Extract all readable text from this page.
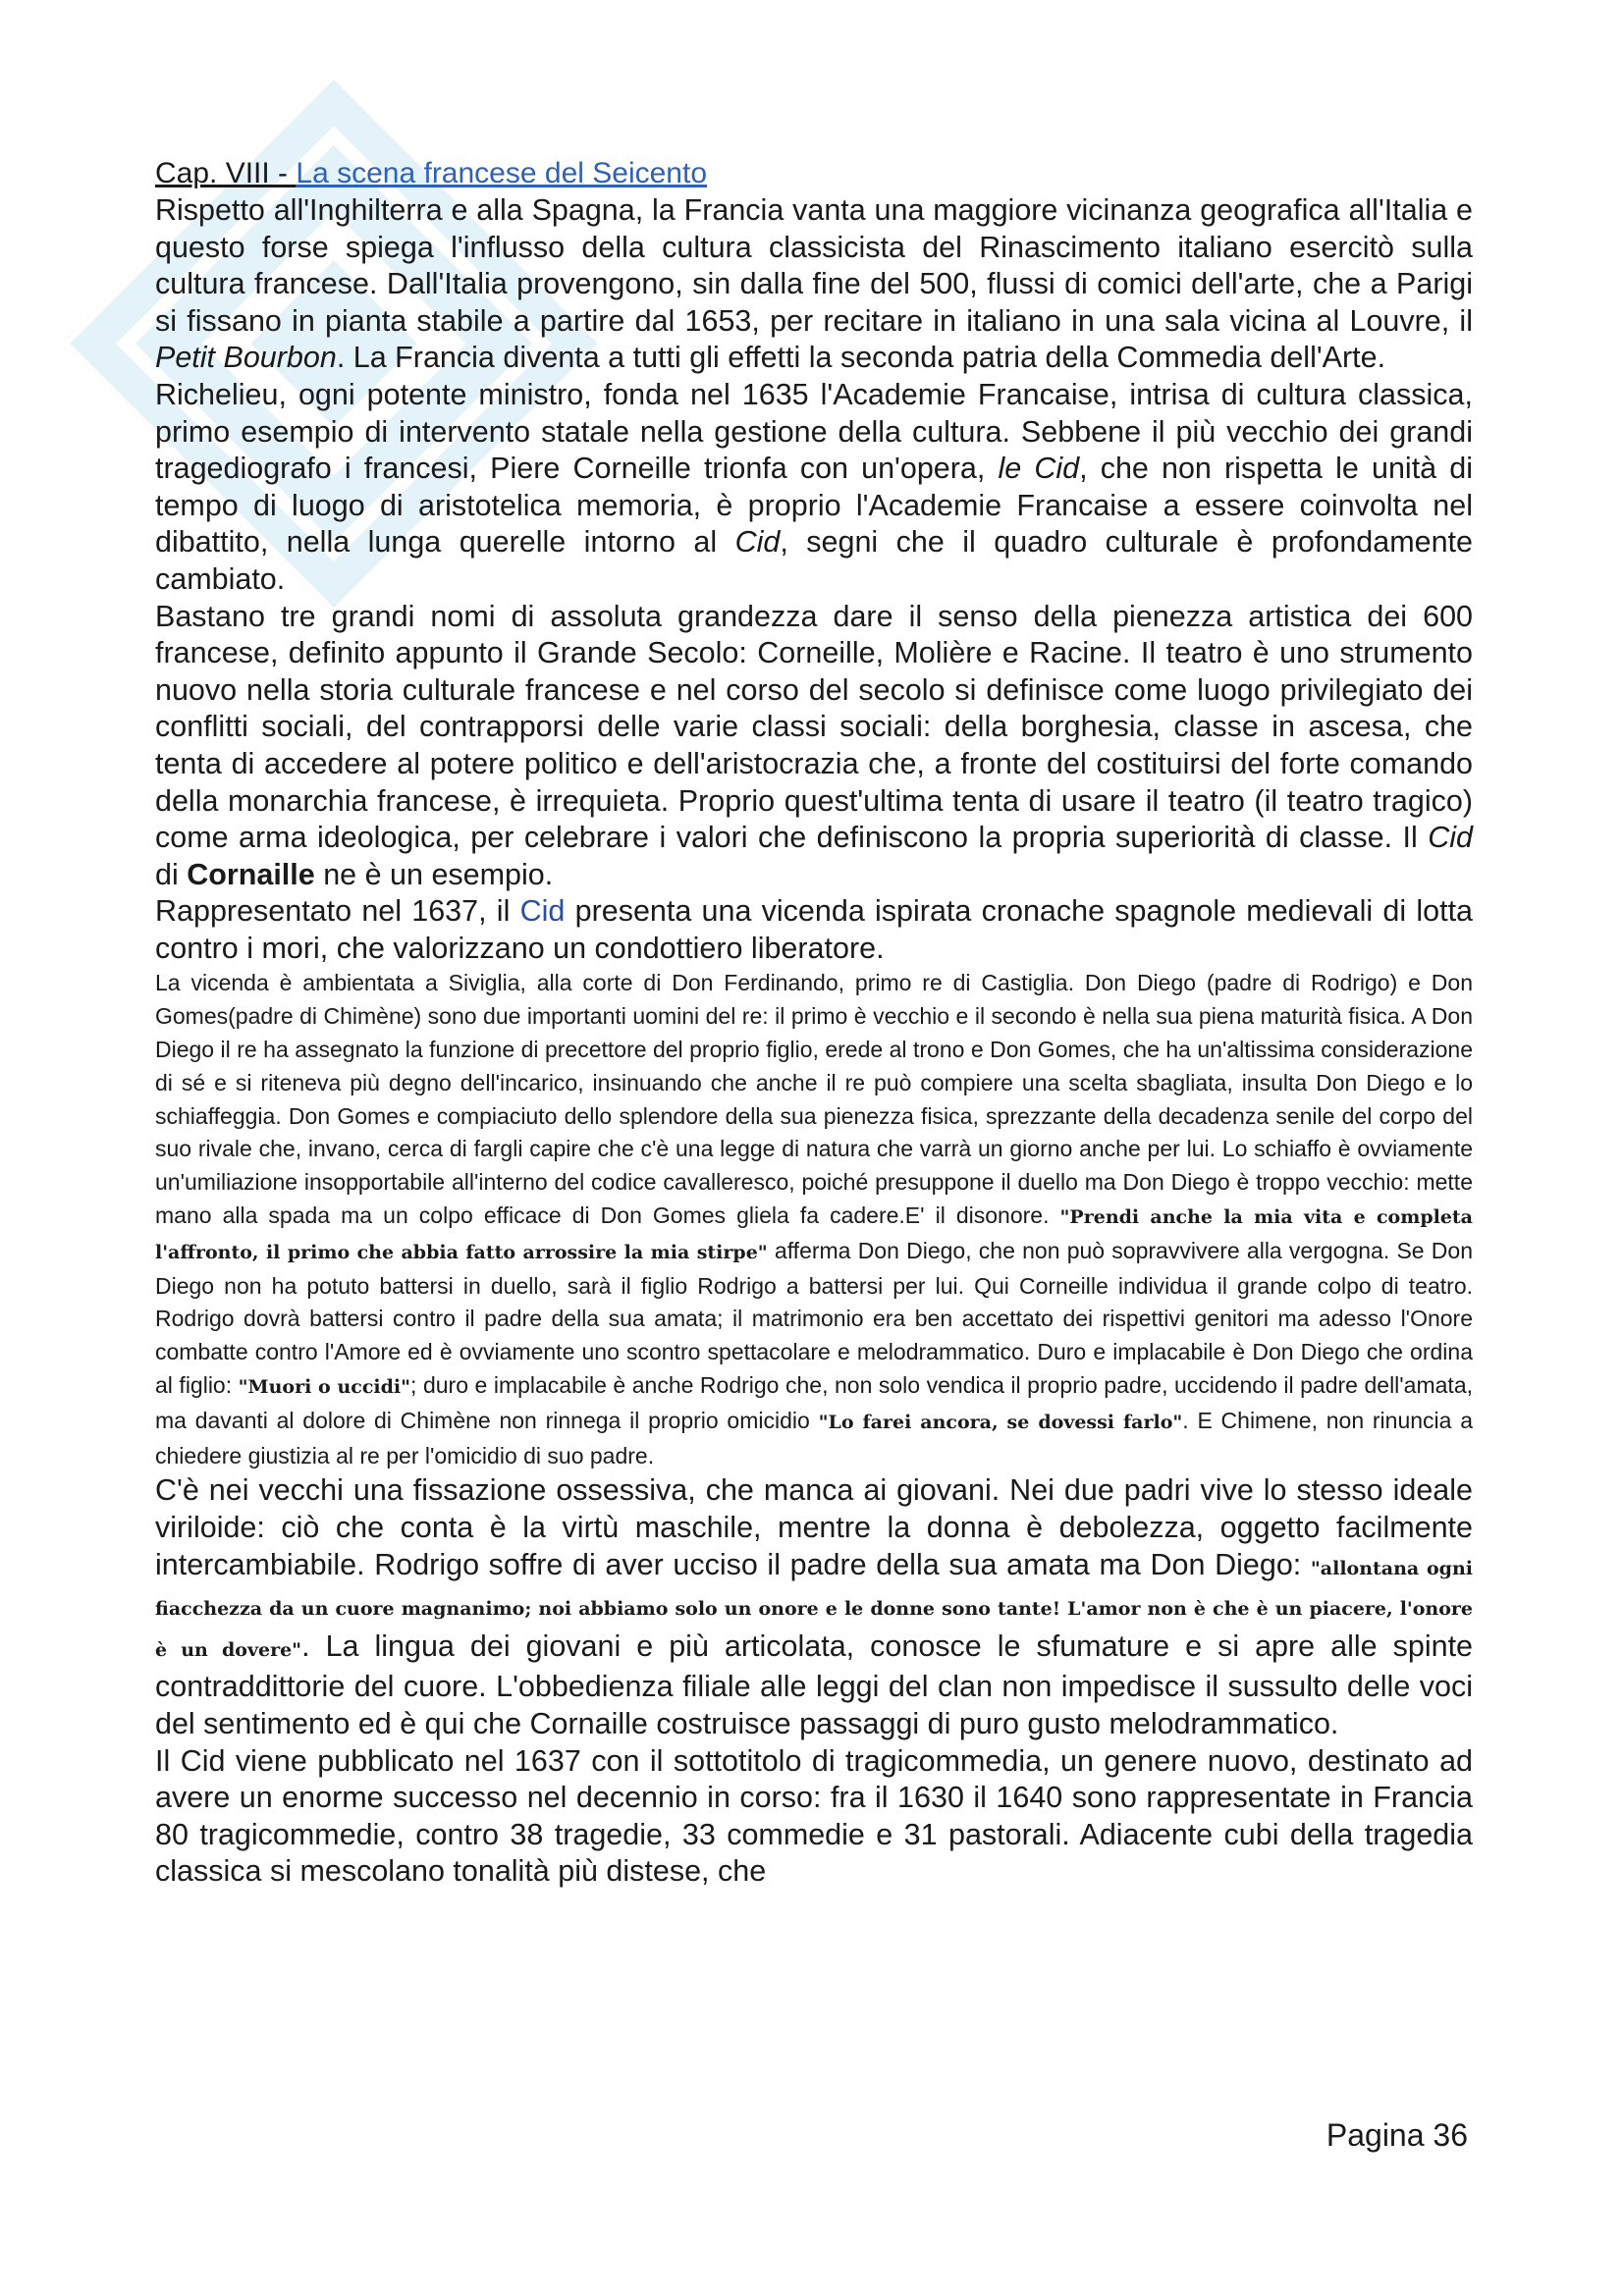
Cap. VIII - La scena francese del Seicento

Rispetto all'Inghilterra e alla Spagna, la Francia vanta una maggiore vicinanza geografica all'Italia e questo forse spiega l'influsso della cultura classicista del Rinascimento italiano esercitò sulla cultura francese. Dall'Italia provengono, sin dalla fine del 500, flussi di comici dell'arte, che a Parigi si fissano in pianta stabile a partire dal 1653, per recitare in italiano in una sala vicina al Louvre, il Petit Bourbon. La Francia diventa a tutti gli effetti la seconda patria della Commedia dell'Arte.

Richelieu, ogni potente ministro, fonda nel 1635 l'Academie Francaise, intrisa di cultura classica, primo esempio di intervento statale nella gestione della cultura. Sebbene il più vecchio dei grandi tragediografo i francesi, Piere Corneille trionfa con un'opera, le Cid, che non rispetta le unità di tempo di luogo di aristotelica memoria, è proprio l'Academie Francaise a essere coinvolta nel dibattito, nella lunga querelle intorno al Cid, segni che il quadro culturale è profondamente cambiato.

Bastano tre grandi nomi di assoluta grandezza dare il senso della pienezza artistica dei 600 francese, definito appunto il Grande Secolo: Corneille, Molière e Racine. Il teatro è uno strumento nuovo nella storia culturale francese e nel corso del secolo si definisce come luogo privilegiato dei conflitti sociali, del contrapporsi delle varie classi sociali: della borghesia, classe in ascesa, che tenta di accedere al potere politico e dell'aristocrazia che, a fronte del costituirsi del forte comando della monarchia francese, è irrequieta. Proprio quest'ultima tenta di usare il teatro (il teatro tragico) come arma ideologica, per celebrare i valori che definiscono la propria superiorità di classe. Il Cid di Cornaille ne è un esempio.

Rappresentato nel 1637, il Cid presenta una vicenda ispirata cronache spagnole medievali di lotta contro i mori, che valorizzano un condottiero liberatore.

La vicenda è ambientata a Siviglia, alla corte di Don Ferdinando, primo re di Castiglia. Don Diego (padre di Rodrigo) e Don Gomes(padre di Chimène) sono due importanti uomini del re: il primo è vecchio e il secondo è nella sua piena maturità fisica. A Don Diego il re ha assegnato la funzione di precettore del proprio figlio, erede al trono e Don Gomes, che ha un'altissima considerazione di sé e si riteneva più degno dell'incarico, insinuando che anche il re può compiere una scelta sbagliata, insulta Don Diego e lo schiaffeggia. Don Gomes e compiaciuto dello splendore della sua pienezza fisica, sprezzante della decadenza senile del corpo del suo rivale che, invano, cerca di fargli capire che c'è una legge di natura che varrà un giorno anche per lui. Lo schiaffo è ovviamente un'umiliazione insopportabile all'interno del codice cavalleresco, poiché presuppone il duello ma Don Diego è troppo vecchio: mette mano alla spada ma un colpo efficace di Don Gomes gliela fa cadere.E' il disonore. "Prendi anche la mia vita e completa l'affronto, il primo che abbia fatto arrossire la mia stirpe" afferma Don Diego, che non può sopravvivere alla vergogna. Se Don Diego non ha potuto battersi in duello, sarà il figlio Rodrigo a battersi per lui. Qui Corneille individua il grande colpo di teatro. Rodrigo dovrà battersi contro il padre della sua amata; il matrimonio era ben accettato dei rispettivi genitori ma adesso l'Onore combatte contro l'Amore ed è ovviamente uno scontro spettacolare e melodrammatico. Duro e implacabile è Don Diego che ordina al figlio: "Muori o uccidi"; duro e implacabile è anche Rodrigo che, non solo vendica il proprio padre, uccidendo il padre dell'amata, ma davanti al dolore di Chimène non rinnega il proprio omicidio "Lo farei ancora, se dovessi farlo". E Chimene, non rinuncia a chiedere giustizia al re per l'omicidio di suo padre.

C'è nei vecchi una fissazione ossessiva, che manca ai giovani. Nei due padri vive lo stesso ideale viriloide: ciò che conta è la virtù maschile, mentre la donna è debolezza, oggetto facilmente intercambiabile. Rodrigo soffre di aver ucciso il padre della sua amata ma Don Diego: "allontana ogni fiacchezza da un cuore magnanimo; noi abbiamo solo un onore e le donne sono tante! L'amor non è che è un piacere, l'onore è un dovere". La lingua dei giovani e più articolata, conosce le sfumature e si apre alle spinte contraddittorie del cuore. L'obbedienza filiale alle leggi del clan non impedisce il sussulto delle voci del sentimento ed è qui che Cornaille costruisce passaggi di puro gusto melodrammatico.

Il Cid viene pubblicato nel 1637 con il sottotitolo di tragicommedia, un genere nuovo, destinato ad avere un enorme successo nel decennio in corso: fra il 1630 il 1640 sono rappresentate in Francia 80 tragicommedie, contro 38 tragedie, 33 commedie e 31 pastorali. Adiacente cubi della tragedia classica si mescolano tonalità più distese, che

Pagina 36
